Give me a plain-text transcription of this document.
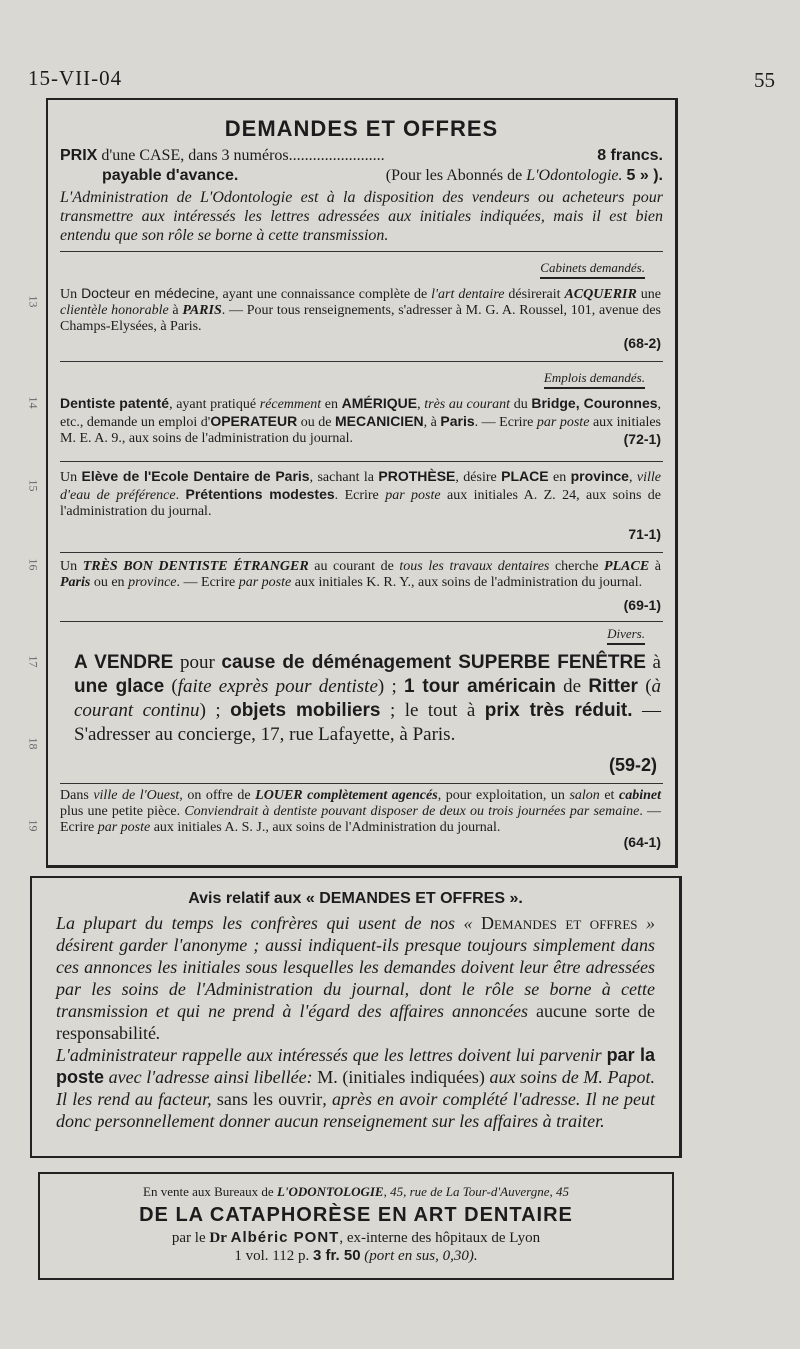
15-VII-04	55
13
14
15
16
17
18
19
DEMANDES ET OFFRES
PRIX d'une CASE, dans 3 numéros........................	8 francs.
payable d'avance.	(Pour les Abonnés de L'Odontologie. 5 » ).
L'Administration de L'Odontologie est à la disposition des vendeurs ou acheteurs pour transmettre aux intéressés les lettres adressées aux initiales indiquées, mais il est bien entendu que son rôle se borne à cette transmission.
Cabinets demandés.
Un Docteur en médecine, ayant une connaissance complète de l'art dentaire désirerait ACQUERIR une clientèle honorable à PARIS. — Pour tous renseignements, s'adresser à M. G. A. Roussel, 101, avenue des Champs-Elysées, à Paris.
(68-2)
Emplois demandés.
Dentiste patenté, ayant pratiqué récemment en AMÉRIQUE, très au courant du Bridge, Couronnes, etc., demande un emploi d'OPERATEUR ou de MECANICIEN, à Paris. — Ecrire par poste aux initiales M. E. A. 9., aux soins de l'administration du journal.	(72-1)
Un Elève de l'Ecole Dentaire de Paris, sachant la PROTHÈSE, désire PLACE en province, ville d'eau de préférence. Prétentions modestes. Ecrire par poste aux initiales A. Z. 24, aux soins de l'administration du journal.
71-1)
Un TRÈS BON DENTISTE ÉTRANGER au courant de tous les travaux dentaires cherche PLACE à Paris ou en province. — Ecrire par poste aux initiales K. R. Y., aux soins de l'administration du journal.
(69-1)
Divers.
A VENDRE pour cause de déménagement SUPERBE FENÊTRE à une glace (faite exprès pour dentiste) ; 1 tour américain de Ritter (à courant continu) ; objets mobiliers ; le tout à prix très réduit. — S'adresser au concierge, 17, rue Lafayette, à Paris.
(59-2)
Dans ville de l'Ouest, on offre de LOUER complètement agencés, pour exploitation, un salon et cabinet plus une petite pièce. Conviendrait à dentiste pouvant disposer de deux ou trois journées par semaine. — Ecrire par poste aux initiales A. S. J., aux soins de l'Administration du journal.
(64-1)
Avis relatif aux « DEMANDES ET OFFRES ».
La plupart du temps les confrères qui usent de nos « Demandes et offres » désirent garder l'anonyme ; aussi indiquent-ils presque toujours simplement dans ces annonces les initiales sous lesquelles les demandes doivent leur être adressées par les soins de l'Administration du journal, dont le rôle se borne à cette transmission et qui ne prend à l'égard des affaires annoncées aucune sorte de responsabilité.
L'administrateur rappelle aux intéressés que les lettres doivent lui parvenir par la poste avec l'adresse ainsi libellée: M. (initiales indiquées) aux soins de M. Papot. Il les rend au facteur, sans les ouvrir, après en avoir complété l'adresse. Il ne peut donc personnellement donner aucun renseignement sur les affaires à traiter.
En vente aux Bureaux de L'ODONTOLOGIE, 45, rue de La Tour-d'Auvergne, 45
DE LA CATAPHORÈSE EN ART DENTAIRE
par le Dr Albéric PONT, ex-interne des hôpitaux de Lyon
1 vol. 112 p. 3 fr. 50 (port en sus, 0,30).
